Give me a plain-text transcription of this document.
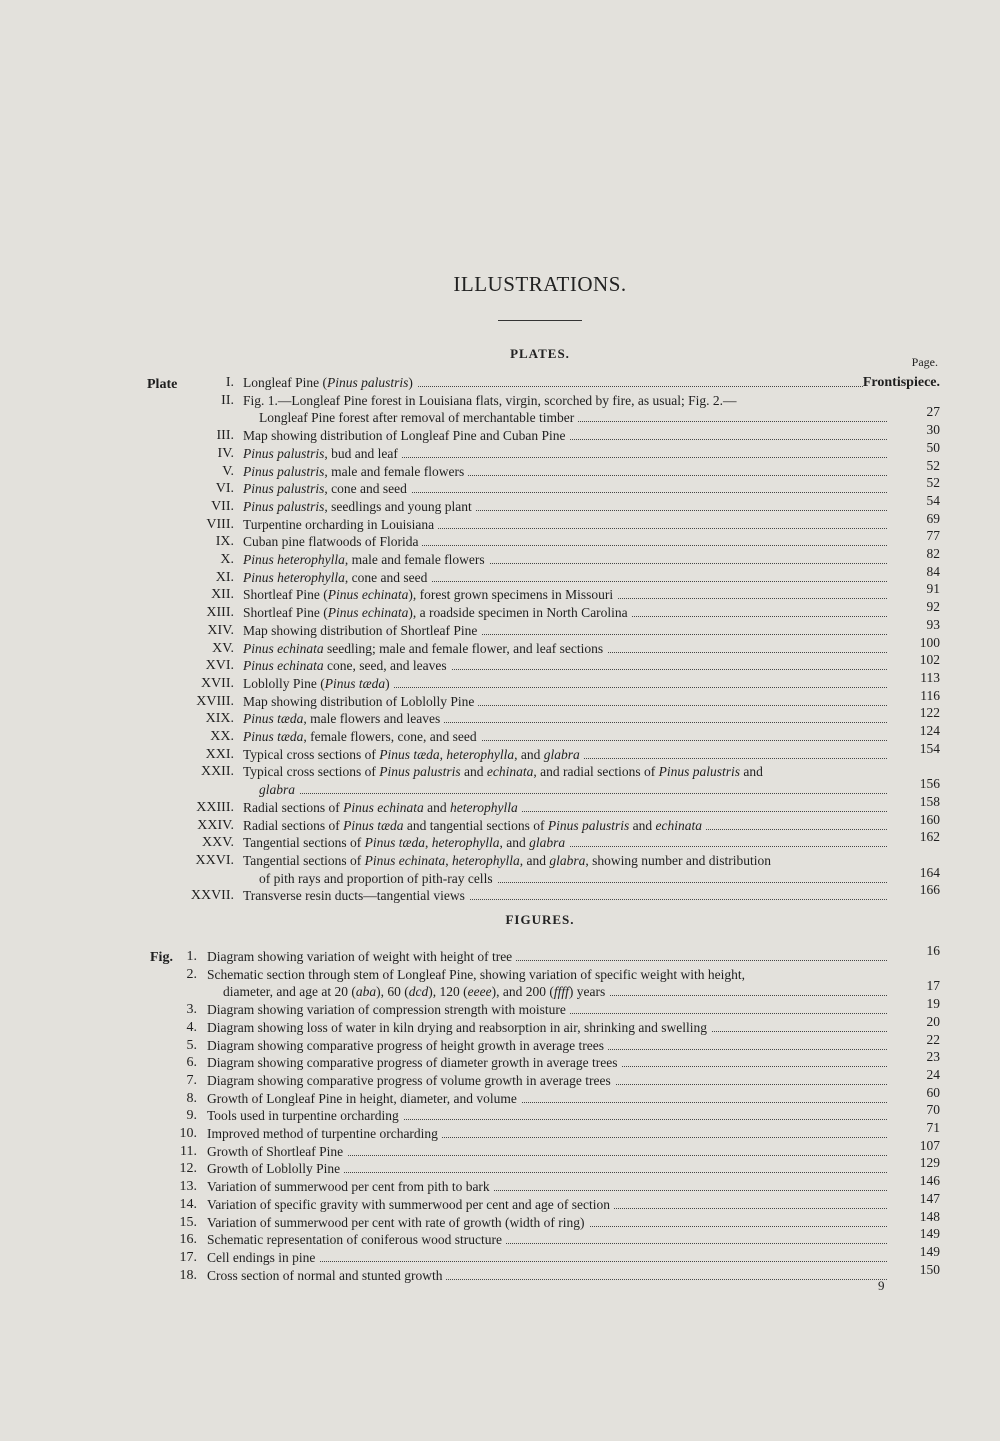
ILLUSTRATIONS.
PLATES.
Page.
Plate	I. Longleaf Pine (Pinus palustris)	Frontispiece.
II. Fig. 1.—Longleaf Pine forest in Louisiana flats, virgin, scorched by fire, as usual; Fig. 2.—
Longleaf Pine forest after removal of merchantable timber	27
III. Map showing distribution of Longleaf Pine and Cuban Pine	30
IV. Pinus palustris, bud and leaf	50
V. Pinus palustris, male and female flowers	52
VI. Pinus palustris, cone and seed	52
VII. Pinus palustris, seedlings and young plant	54
VIII. Turpentine orcharding in Louisiana	69
IX. Cuban pine flatwoods of Florida	77
X. Pinus heterophylla, male and female flowers	82
XI. Pinus heterophylla, cone and seed	84
XII. Shortleaf Pine (Pinus echinata), forest grown specimens in Missouri	91
XIII. Shortleaf Pine (Pinus echinata), a roadside specimen in North Carolina	92
XIV. Map showing distribution of Shortleaf Pine	93
XV. Pinus echinata seedling; male and female flower, and leaf sections	100
XVI. Pinus echinata cone, seed, and leaves	102
XVII. Loblolly Pine (Pinus tæda)	113
XVIII. Map showing distribution of Loblolly Pine	116
XIX. Pinus tæda, male flowers and leaves	122
XX. Pinus tæda, female flowers, cone, and seed	124
XXI. Typical cross sections of Pinus tæda, heterophylla, and glabra	154
XXII. Typical cross sections of Pinus palustris and echinata, and radial sections of Pinus palustris and
glabra	156
XXIII. Radial sections of Pinus echinata and heterophylla	158
XXIV. Radial sections of Pinus tæda and tangential sections of Pinus palustris and echinata	160
XXV. Tangential sections of Pinus tæda, heterophylla, and glabra	162
XXVI. Tangential sections of Pinus echinata, heterophylla, and glabra, showing number and distribution
of pith rays and proportion of pith-ray cells	164
XXVII. Transverse resin ducts—tangential views	166
FIGURES.
Fig. 1. Diagram showing variation of weight with height of tree	16
2. Schematic section through stem of Longleaf Pine, showing variation of specific weight with height,
diameter, and age at 20 (aba), 60 (dcd), 120 (eeee), and 200 (ffff) years	17
3. Diagram showing variation of compression strength with moisture	19
4. Diagram showing loss of water in kiln drying and reabsorption in air, shrinking and swelling	20
5. Diagram showing comparative progress of height growth in average trees	22
6. Diagram showing comparative progress of diameter growth in average trees	23
7. Diagram showing comparative progress of volume growth in average trees	24
8. Growth of Longleaf Pine in height, diameter, and volume	60
9. Tools used in turpentine orcharding	70
10. Improved method of turpentine orcharding	71
11. Growth of Shortleaf Pine	107
12. Growth of Loblolly Pine	129
13. Variation of summerwood per cent from pith to bark	146
14. Variation of specific gravity with summerwood per cent and age of section	147
15. Variation of summerwood per cent with rate of growth (width of ring)	148
16. Schematic representation of coniferous wood structure	149
17. Cell endings in pine	149
18. Cross section of normal and stunted growth	150
9
